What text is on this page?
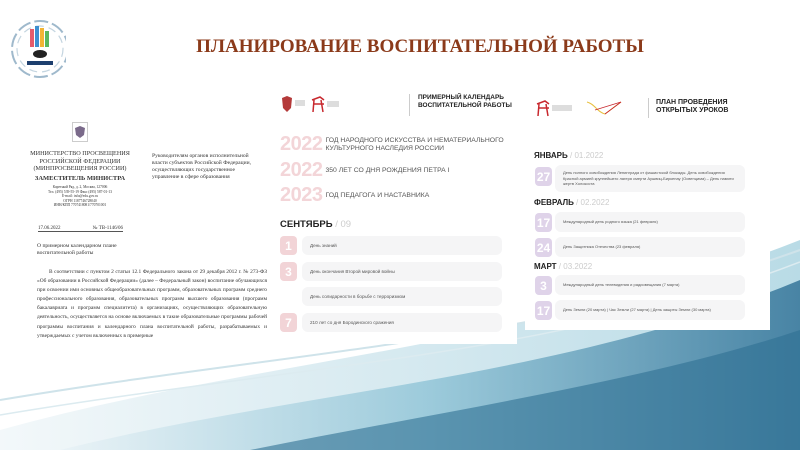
ПЛАНИРОВАНИЕ ВОСПИТАТЕЛЬНОЙ РАБОТЫ
МИНИСТЕРСТВО ПРОСВЕЩЕНИЯ
РОССИЙСКОЙ ФЕДЕРАЦИИ
(МИНПРОСВЕЩЕНИЯ РОССИИ)
ЗАМЕСТИТЕЛЬ МИНИСТРА
Каретный Ряд, д. 2, Москва, 127006
Тел. (495) 539-55-19 Факс (495) 587-01-13
E-mail: info@edu.gov.ru
ОГРН 1187746728040
ИНН/КПП 7707418081/770701001
17.06.2022	№ ТВ-1146/06
Руководителям органов исполнительной власти субъектов Российской Федерации, осуществляющих государственное управление в сфере образования
О примерном календарном плане воспитательной работы
В соответствии с пунктом 2 статьи 12.1 Федерального закона от 29 декабря 2012 г. № 273-ФЗ «Об образовании в Российской Федерации» (далее – Федеральный закон) воспитание обучающихся при освоении ими основных общеобразовательных программ, образовательных программ среднего профессионального образования, образовательных программ высшего образования (программ бакалавриата и программ специалитета) в организациях, осуществляющих образовательную деятельность, осуществляется на основе включаемых в такие образовательные программы рабочей программы воспитания и календарного плана воспитательной работы, разрабатываемых и утверждаемых с учетом включенных в примерные
ПРИМЕРНЫЙ КАЛЕНДАРЬ ВОСПИТАТЕЛЬНОЙ РАБОТЫ
2022 ГОД НАРОДНОГО ИСКУССТВА И НЕМАТЕРИАЛЬНОГО КУЛЬТУРНОГО НАСЛЕДИЯ РОССИИ
2022 350 ЛЕТ СО ДНЯ РОЖДЕНИЯ ПЕТРА I
2023 ГОД ПЕДАГОГА И НАСТАВНИКА
СЕНТЯБРЬ / 09
1	День знаний
3	День окончания Второй мировой войны
День солидарности в борьбе с терроризмом
7	210 лет со дня Бородинского сражения
ПЛАН ПРОВЕДЕНИЯ ОТКРЫТЫХ УРОКОВ
ЯНВАРЬ / 01.2022
27	День полного освобождения Ленинграда от фашистской блокады. День освобождения Красной армией крупнейшего лагеря смерти Аушвиц-Биркенау (Освенцима) – День памяти жертв Холокоста
ФЕВРАЛЬ / 02.2022
17	Международный день родного языка (21 февраля)
24	День Защитника Отечества (23 февраля)
МАРТ / 03.2022
3	Международный день телевидения и радиовещания (7 марта)
17	День Земли (20 марта) | Час Земли (27 марта) | День защиты Земли (30 марта)
